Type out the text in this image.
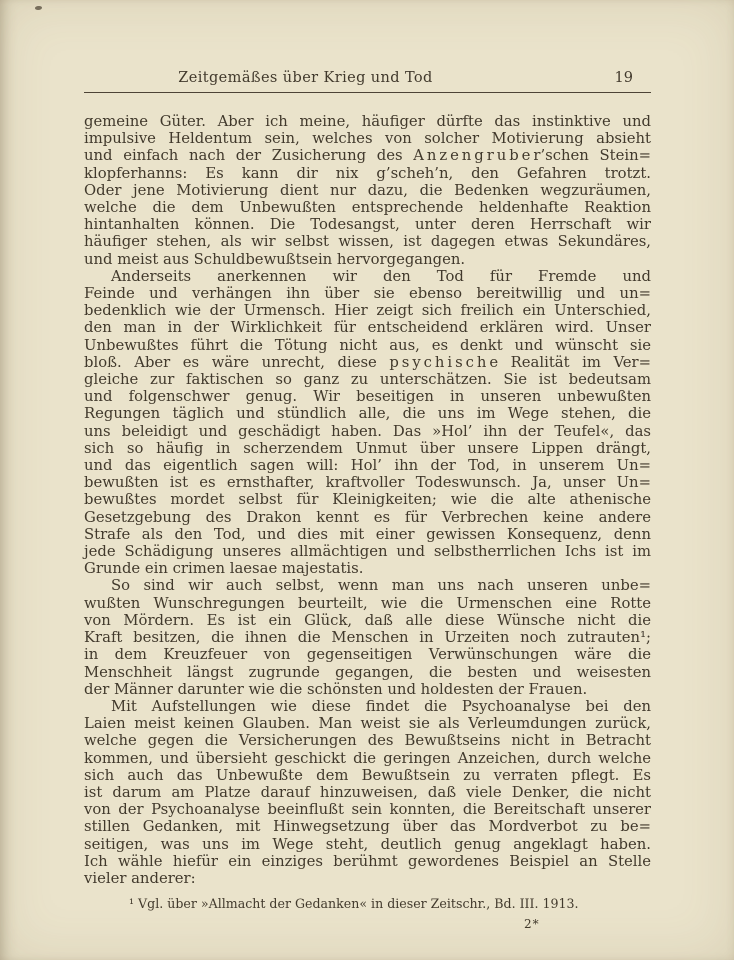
Zeitgemäßes über Krieg und Tod	19
gemeine Güter. Aber ich meine, häufiger dürfte das instinktive und
impulsive Heldentum sein, welches von solcher Motivierung absieht
und einfach nach der Zusicherung des A n z e n g r u b e r’schen Stein=
klopferhanns: Es kann dir nix g’scheh’n, den Gefahren trotzt.
Oder jene Motivierung dient nur dazu, die Bedenken wegzuräumen,
welche die dem Unbewußten entsprechende heldenhafte Reaktion
hintanhalten können. Die Todesangst, unter deren Herrschaft wir
häufiger stehen, als wir selbst wissen, ist dagegen etwas Sekundäres,
und meist aus Schuldbewußtsein hervorgegangen.
Anderseits anerkennen wir den Tod für Fremde und
Feinde und verhängen ihn über sie ebenso bereitwillig und un=
bedenklich wie der Urmensch. Hier zeigt sich freilich ein Unterschied,
den man in der Wirklichkeit für entscheidend erklären wird. Unser
Unbewußtes führt die Tötung nicht aus, es denkt und wünscht sie
bloß. Aber es wäre unrecht, diese p s y c h i s c h e Realität im Ver=
gleiche zur faktischen so ganz zu unterschätzen. Sie ist bedeutsam
und folgenschwer genug. Wir beseitigen in unseren unbewußten
Regungen täglich und stündlich alle, die uns im Wege stehen, die
uns beleidigt und geschädigt haben. Das »Hol’ ihn der Teufel«, das
sich so häufig in scherzendem Unmut über unsere Lippen drängt,
und das eigentlich sagen will: Hol’ ihn der Tod, in unserem Un=
bewußten ist es ernsthafter, kraftvoller Todeswunsch. Ja, unser Un=
bewußtes mordet selbst für Kleinigkeiten; wie die alte athenische
Gesetzgebung des Drakon kennt es für Verbrechen keine andere
Strafe als den Tod, und dies mit einer gewissen Konsequenz, denn
jede Schädigung unseres allmächtigen und selbstherrlichen Ichs ist im
Grunde ein crimen laesae majestatis.
So sind wir auch selbst, wenn man uns nach unseren unbe=
wußten Wunschregungen beurteilt, wie die Urmenschen eine Rotte
von Mördern. Es ist ein Glück, daß alle diese Wünsche nicht die
Kraft besitzen, die ihnen die Menschen in Urzeiten noch zutrauten¹;
in dem Kreuzfeuer von gegenseitigen Verwünschungen wäre die
Menschheit längst zugrunde gegangen, die besten und weisesten
der Männer darunter wie die schönsten und holdesten der Frauen.
Mit Aufstellungen wie diese findet die Psychoanalyse bei den
Laien meist keinen Glauben. Man weist sie als Verleumdungen zurück,
welche gegen die Versicherungen des Bewußtseins nicht in Betracht
kommen, und übersieht geschickt die geringen Anzeichen, durch welche
sich auch das Unbewußte dem Bewußtsein zu verraten pflegt. Es
ist darum am Platze darauf hinzuweisen, daß viele Denker, die nicht
von der Psychoanalyse beeinflußt sein konnten, die Bereitschaft unserer
stillen Gedanken, mit Hinwegsetzung über das Mordverbot zu be=
seitigen, was uns im Wege steht, deutlich genug angeklagt haben.
Ich wähle hiefür ein einziges berühmt gewordenes Beispiel an Stelle
vieler anderer:
¹ Vgl. über »Allmacht der Gedanken« in dieser Zeitschr., Bd. III. 1913.
2*
